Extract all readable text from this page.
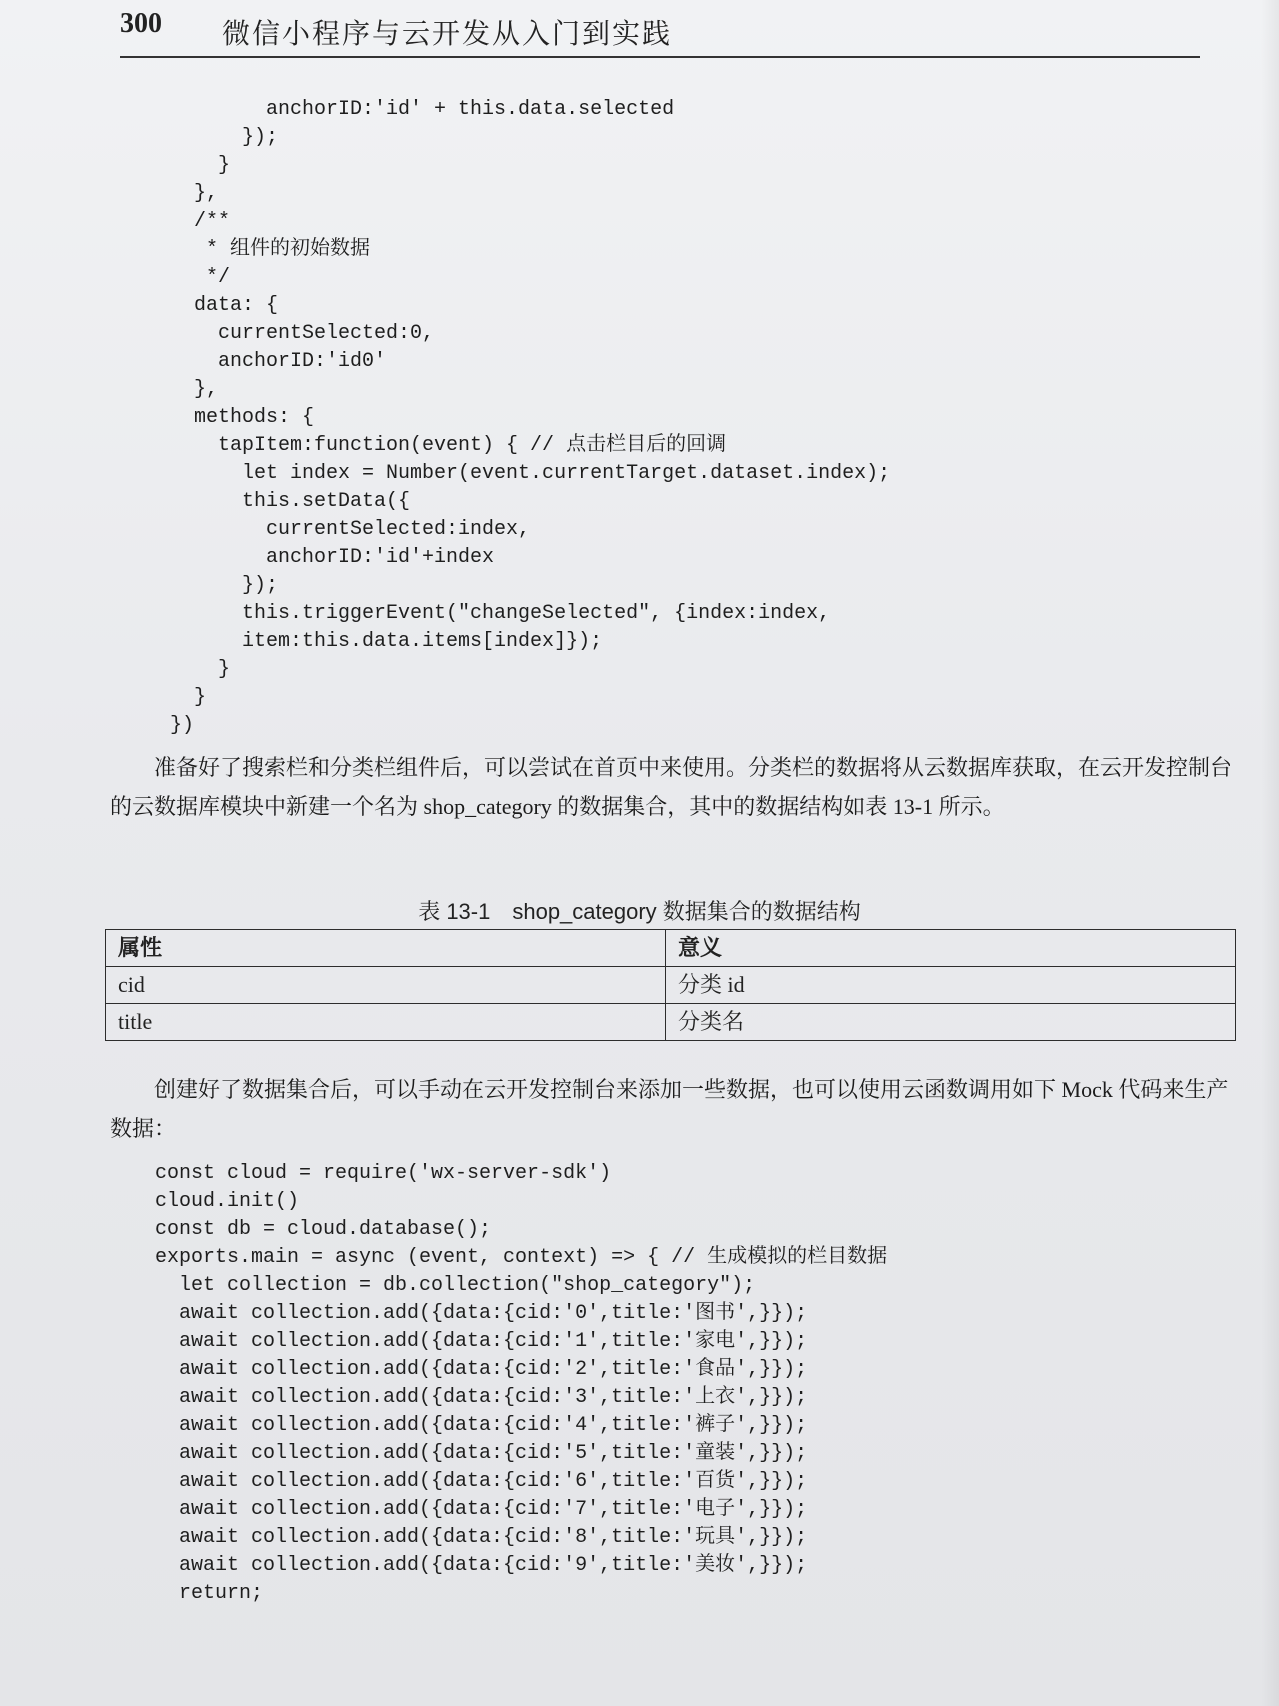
300 微信小程序与云开发从入门到实践
anchorID:'id' + this.data.selected
});
}
},
/**
* 组件的初始数据
*/
data: {
currentSelected:0,
anchorID:'id0'
},
methods: {
tapItem:function(event) { // 点击栏目后的回调
let index = Number(event.currentTarget.dataset.index);
this.setData({
currentSelected:index,
anchorID:'id'+index
});
this.triggerEvent("changeSelected", {index:index,
item:this.data.items[index]});
}
}
})

准备好了搜索栏和分类栏组件后，可以尝试在首页中来使用。分类栏的数据将从云数据库获取，在云开发控制台的云数据库模块中新建一个名为 shop_category 的数据集合，其中的数据结构如表 13-1 所示。

表 13-1　shop_category 数据集合的数据结构
属性	意义
cid	分类 id
title	分类名

创建好了数据集合后，可以手动在云开发控制台来添加一些数据，也可以使用云函数调用如下 Mock 代码来生产数据：

const cloud = require('wx-server-sdk')
cloud.init()
const db = cloud.database();
exports.main = async (event, context) => { // 生成模拟的栏目数据
let collection = db.collection("shop_category");
await collection.add({data:{cid:'0',title:'图书',}});
await collection.add({data:{cid:'1',title:'家电',}});
await collection.add({data:{cid:'2',title:'食品',}});
await collection.add({data:{cid:'3',title:'上衣',}});
await collection.add({data:{cid:'4',title:'裤子',}});
await collection.add({data:{cid:'5',title:'童装',}});
await collection.add({data:{cid:'6',title:'百货',}});
await collection.add({data:{cid:'7',title:'电子',}});
await collection.add({data:{cid:'8',title:'玩具',}});
await collection.add({data:{cid:'9',title:'美妆',}});
return;
